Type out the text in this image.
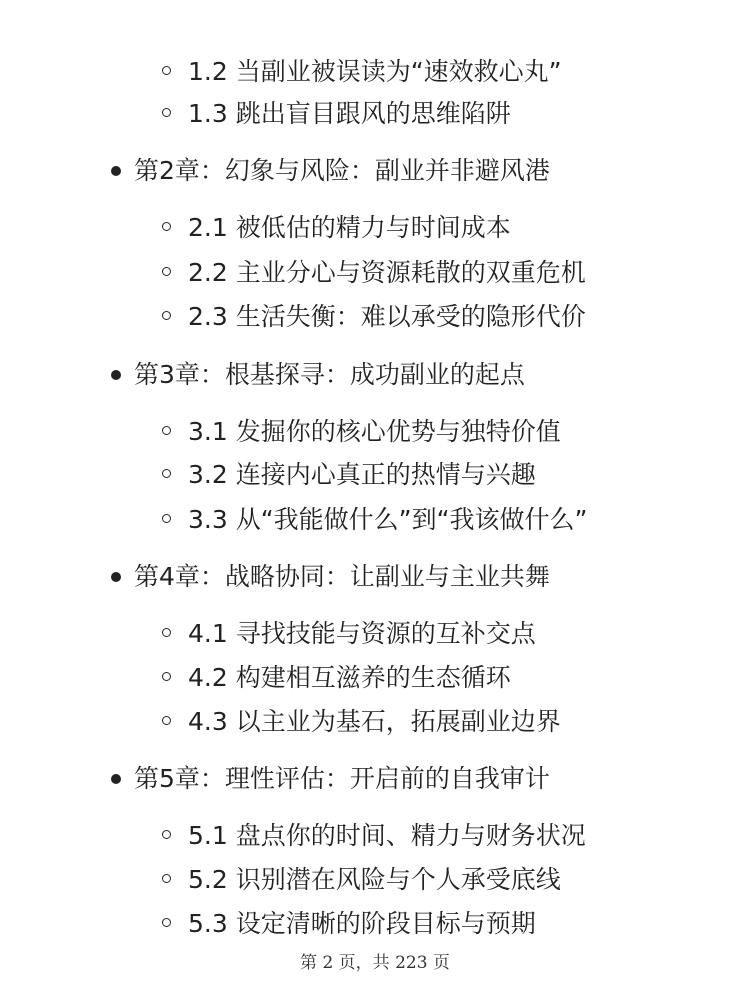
1.2 当副业被误读为“速效救心丸”
1.3 跳出盲目跟风的思维陷阱
第2章：幻象与风险：副业并非避风港
2.1 被低估的精力与时间成本
2.2 主业分心与资源耗散的双重危机
2.3 生活失衡：难以承受的隐形代价
第3章：根基探寻：成功副业的起点
3.1 发掘你的核心优势与独特价值
3.2 连接内心真正的热情与兴趣
3.3 从“我能做什么”到“我该做什么”
第4章：战略协同：让副业与主业共舞
4.1 寻找技能与资源的互补交点
4.2 构建相互滋养的生态循环
4.3 以主业为基石，拓展副业边界
第5章：理性评估：开启前的自我审计
5.1 盘点你的时间、精力与财务状况
5.2 识别潜在风险与个人承受底线
5.3 设定清晰的阶段目标与预期
第 2 页，共 223 页
